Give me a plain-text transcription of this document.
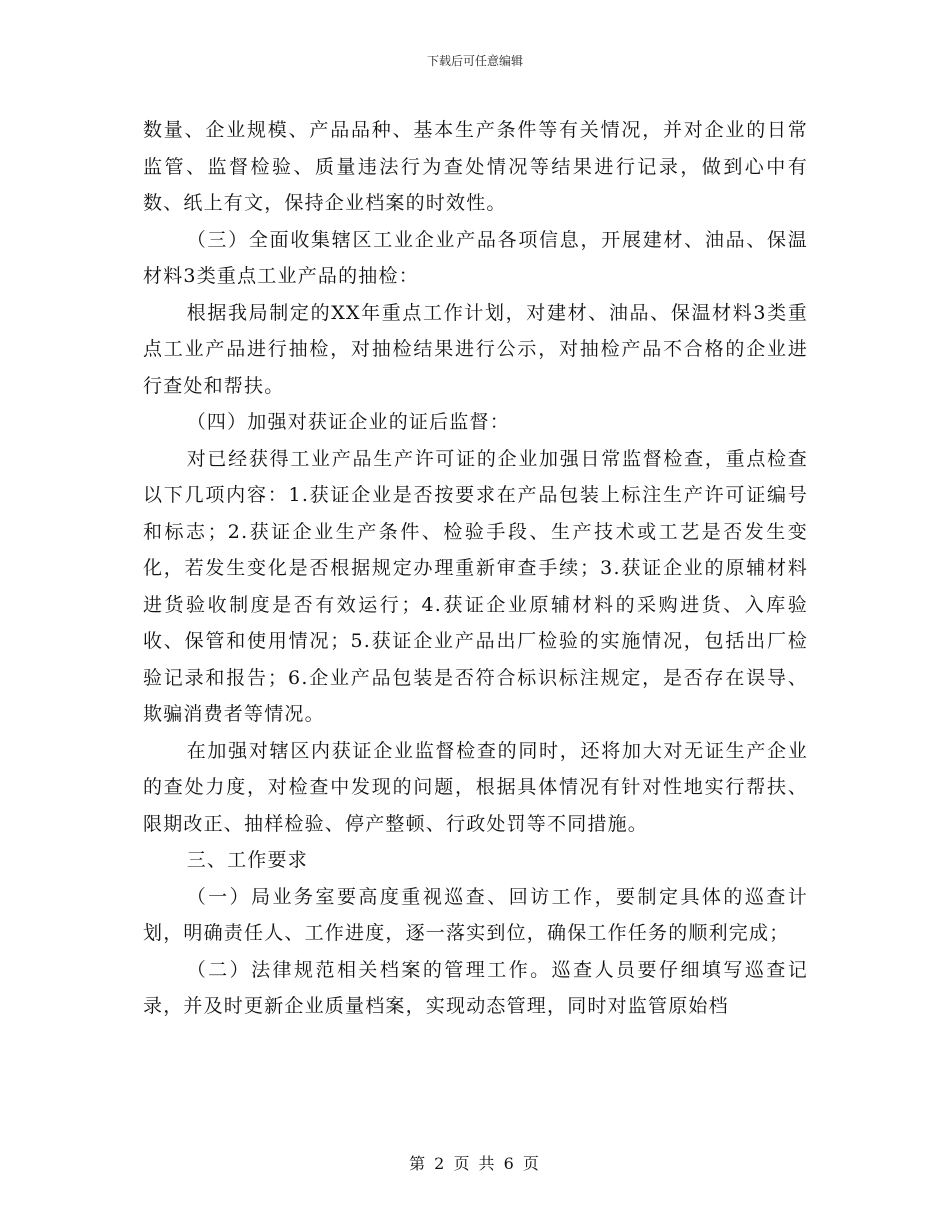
下载后可任意编辑

数量、企业规模、产品品种、基本生产条件等有关情况，并对企业的日常监管、监督检验、质量违法行为查处情况等结果进行记录，做到心中有数、纸上有文，保持企业档案的时效性。

（三）全面收集辖区工业企业产品各项信息，开展建材、油品、保温材料3类重点工业产品的抽检：

根据我局制定的XX年重点工作计划，对建材、油品、保温材料3类重点工业产品进行抽检，对抽检结果进行公示，对抽检产品不合格的企业进行查处和帮扶。

（四）加强对获证企业的证后监督：

对已经获得工业产品生产许可证的企业加强日常监督检查，重点检查以下几项内容：1.获证企业是否按要求在产品包装上标注生产许可证编号和标志；2.获证企业生产条件、检验手段、生产技术或工艺是否发生变化，若发生变化是否根据规定办理重新审查手续；3.获证企业的原辅材料进货验收制度是否有效运行；4.获证企业原辅材料的采购进货、入库验收、保管和使用情况；5.获证企业产品出厂检验的实施情况，包括出厂检验记录和报告；6.企业产品包装是否符合标识标注规定，是否存在误导、欺骗消费者等情况。

在加强对辖区内获证企业监督检查的同时，还将加大对无证生产企业的查处力度，对检查中发现的问题，根据具体情况有针对性地实行帮扶、限期改正、抽样检验、停产整顿、行政处罚等不同措施。

三、工作要求

（一）局业务室要高度重视巡查、回访工作，要制定具体的巡查计划，明确责任人、工作进度，逐一落实到位，确保工作任务的顺利完成；

（二）法律规范相关档案的管理工作。巡查人员要仔细填写巡查记录，并及时更新企业质量档案，实现动态管理，同时对监管原始档

第 2 页 共 6 页
